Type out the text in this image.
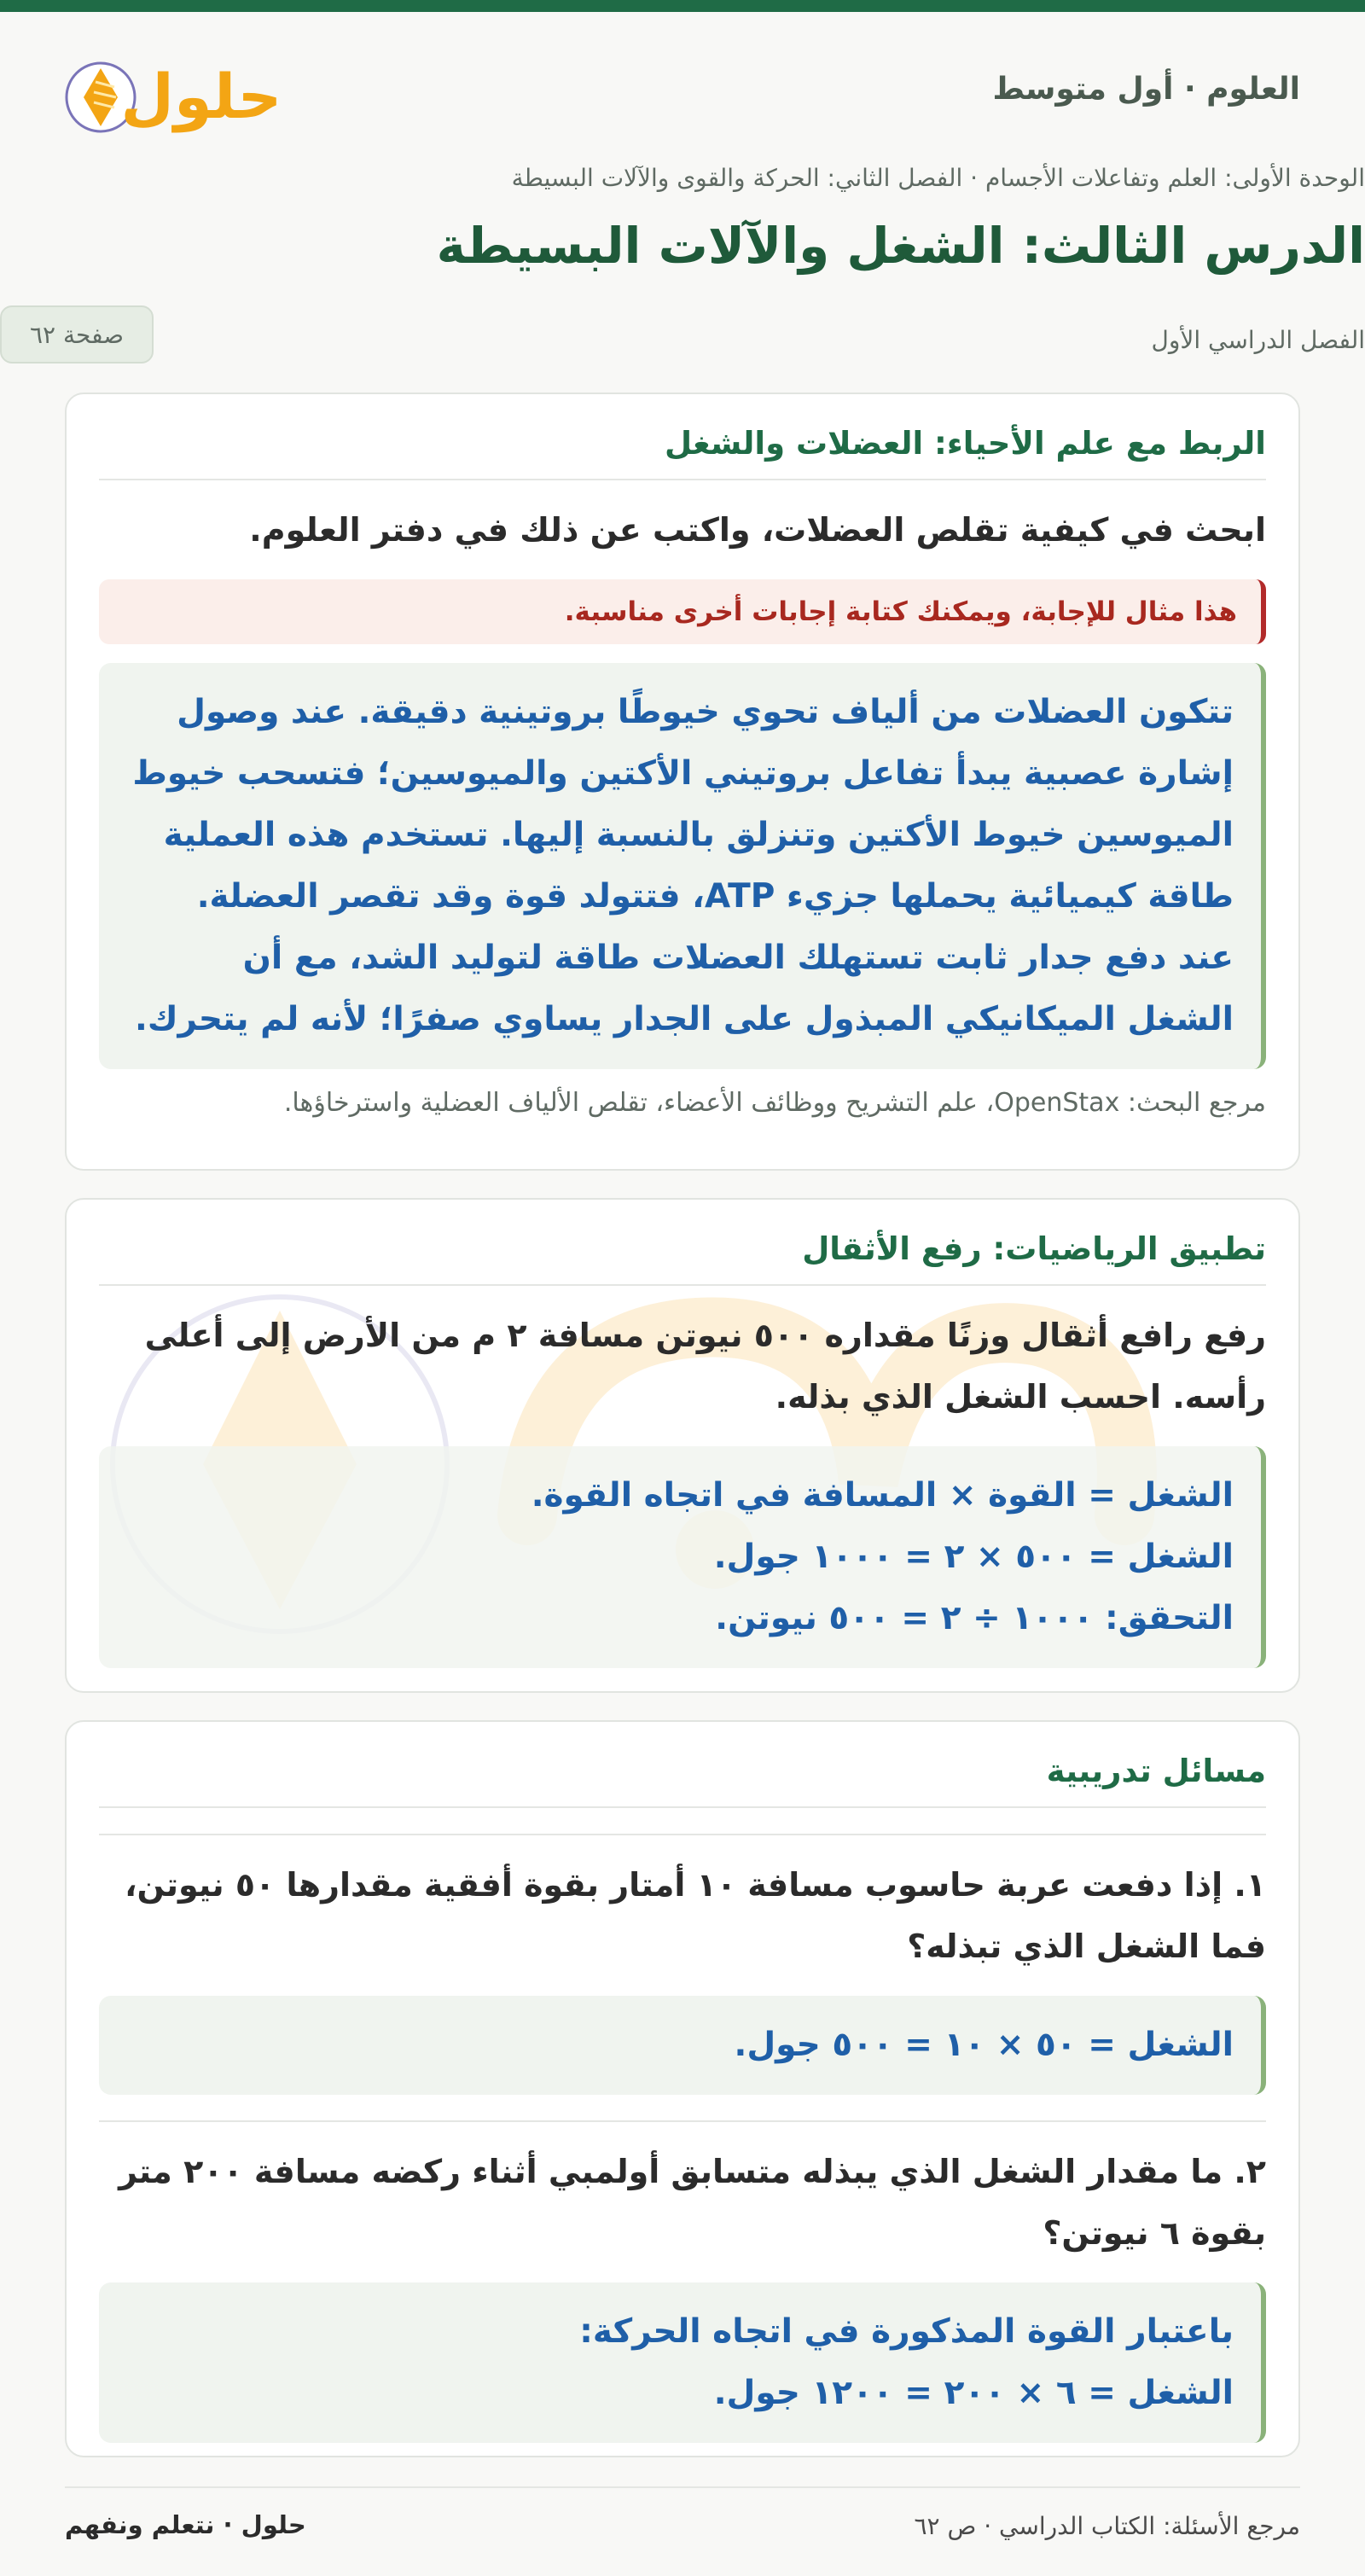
العلوم · أول متوسط
حلول
الوحدة الأولى: العلم وتفاعلات الأجسام · الفصل الثاني: الحركة والقوى والآلات البسيطة
الدرس الثالث: الشغل والآلات البسيطة
الفصل الدراسي الأول
صفحة ٦٢
الربط مع علم الأحياء: العضلات والشغل
ابحث في كيفية تقلص العضلات، واكتب عن ذلك في دفتر العلوم.
هذا مثال للإجابة، ويمكنك كتابة إجابات أخرى مناسبة.
تتكون العضلات من ألياف تحوي خيوطًا بروتينية دقيقة. عند وصول
إشارة عصبية يبدأ تفاعل بروتيني الأكتين والميوسين؛ فتسحب خيوط
الميوسين خيوط الأكتين وتنزلق بالنسبة إليها. تستخدم هذه العملية
طاقة كيميائية يحملها جزيء ATP، فتتولد قوة وقد تقصر العضلة.
عند دفع جدار ثابت تستهلك العضلات طاقة لتوليد الشد، مع أن
الشغل الميكانيكي المبذول على الجدار يساوي صفرًا؛ لأنه لم يتحرك.
مرجع البحث: OpenStax، علم التشريح ووظائف الأعضاء، تقلص الألياف العضلية واسترخاؤها.
تطبيق الرياضيات: رفع الأثقال
رفع رافع أثقال وزنًا مقداره ٥٠٠ نيوتن مسافة ٢ م من الأرض إلى أعلى رأسه. احسب الشغل الذي بذله.
الشغل = القوة × المسافة في اتجاه القوة.
الشغل = ٥٠٠ × ٢ = ١٠٠٠ جول.
التحقق: ١٠٠٠ ÷ ٢ = ٥٠٠ نيوتن.
مسائل تدريبية
١. إذا دفعت عربة حاسوب مسافة ١٠ أمتار بقوة أفقية مقدارها ٥٠ نيوتن، فما الشغل الذي تبذله؟
الشغل = ٥٠ × ١٠ = ٥٠٠ جول.
٢. ما مقدار الشغل الذي يبذله متسابق أولمبي أثناء ركضه مسافة ٢٠٠ متر بقوة ٦ نيوتن؟
باعتبار القوة المذكورة في اتجاه الحركة:
الشغل = ٦ × ٢٠٠ = ١٢٠٠ جول.
مرجع الأسئلة: الكتاب الدراسي · ص ٦٢
حلول · نتعلم ونفهم
